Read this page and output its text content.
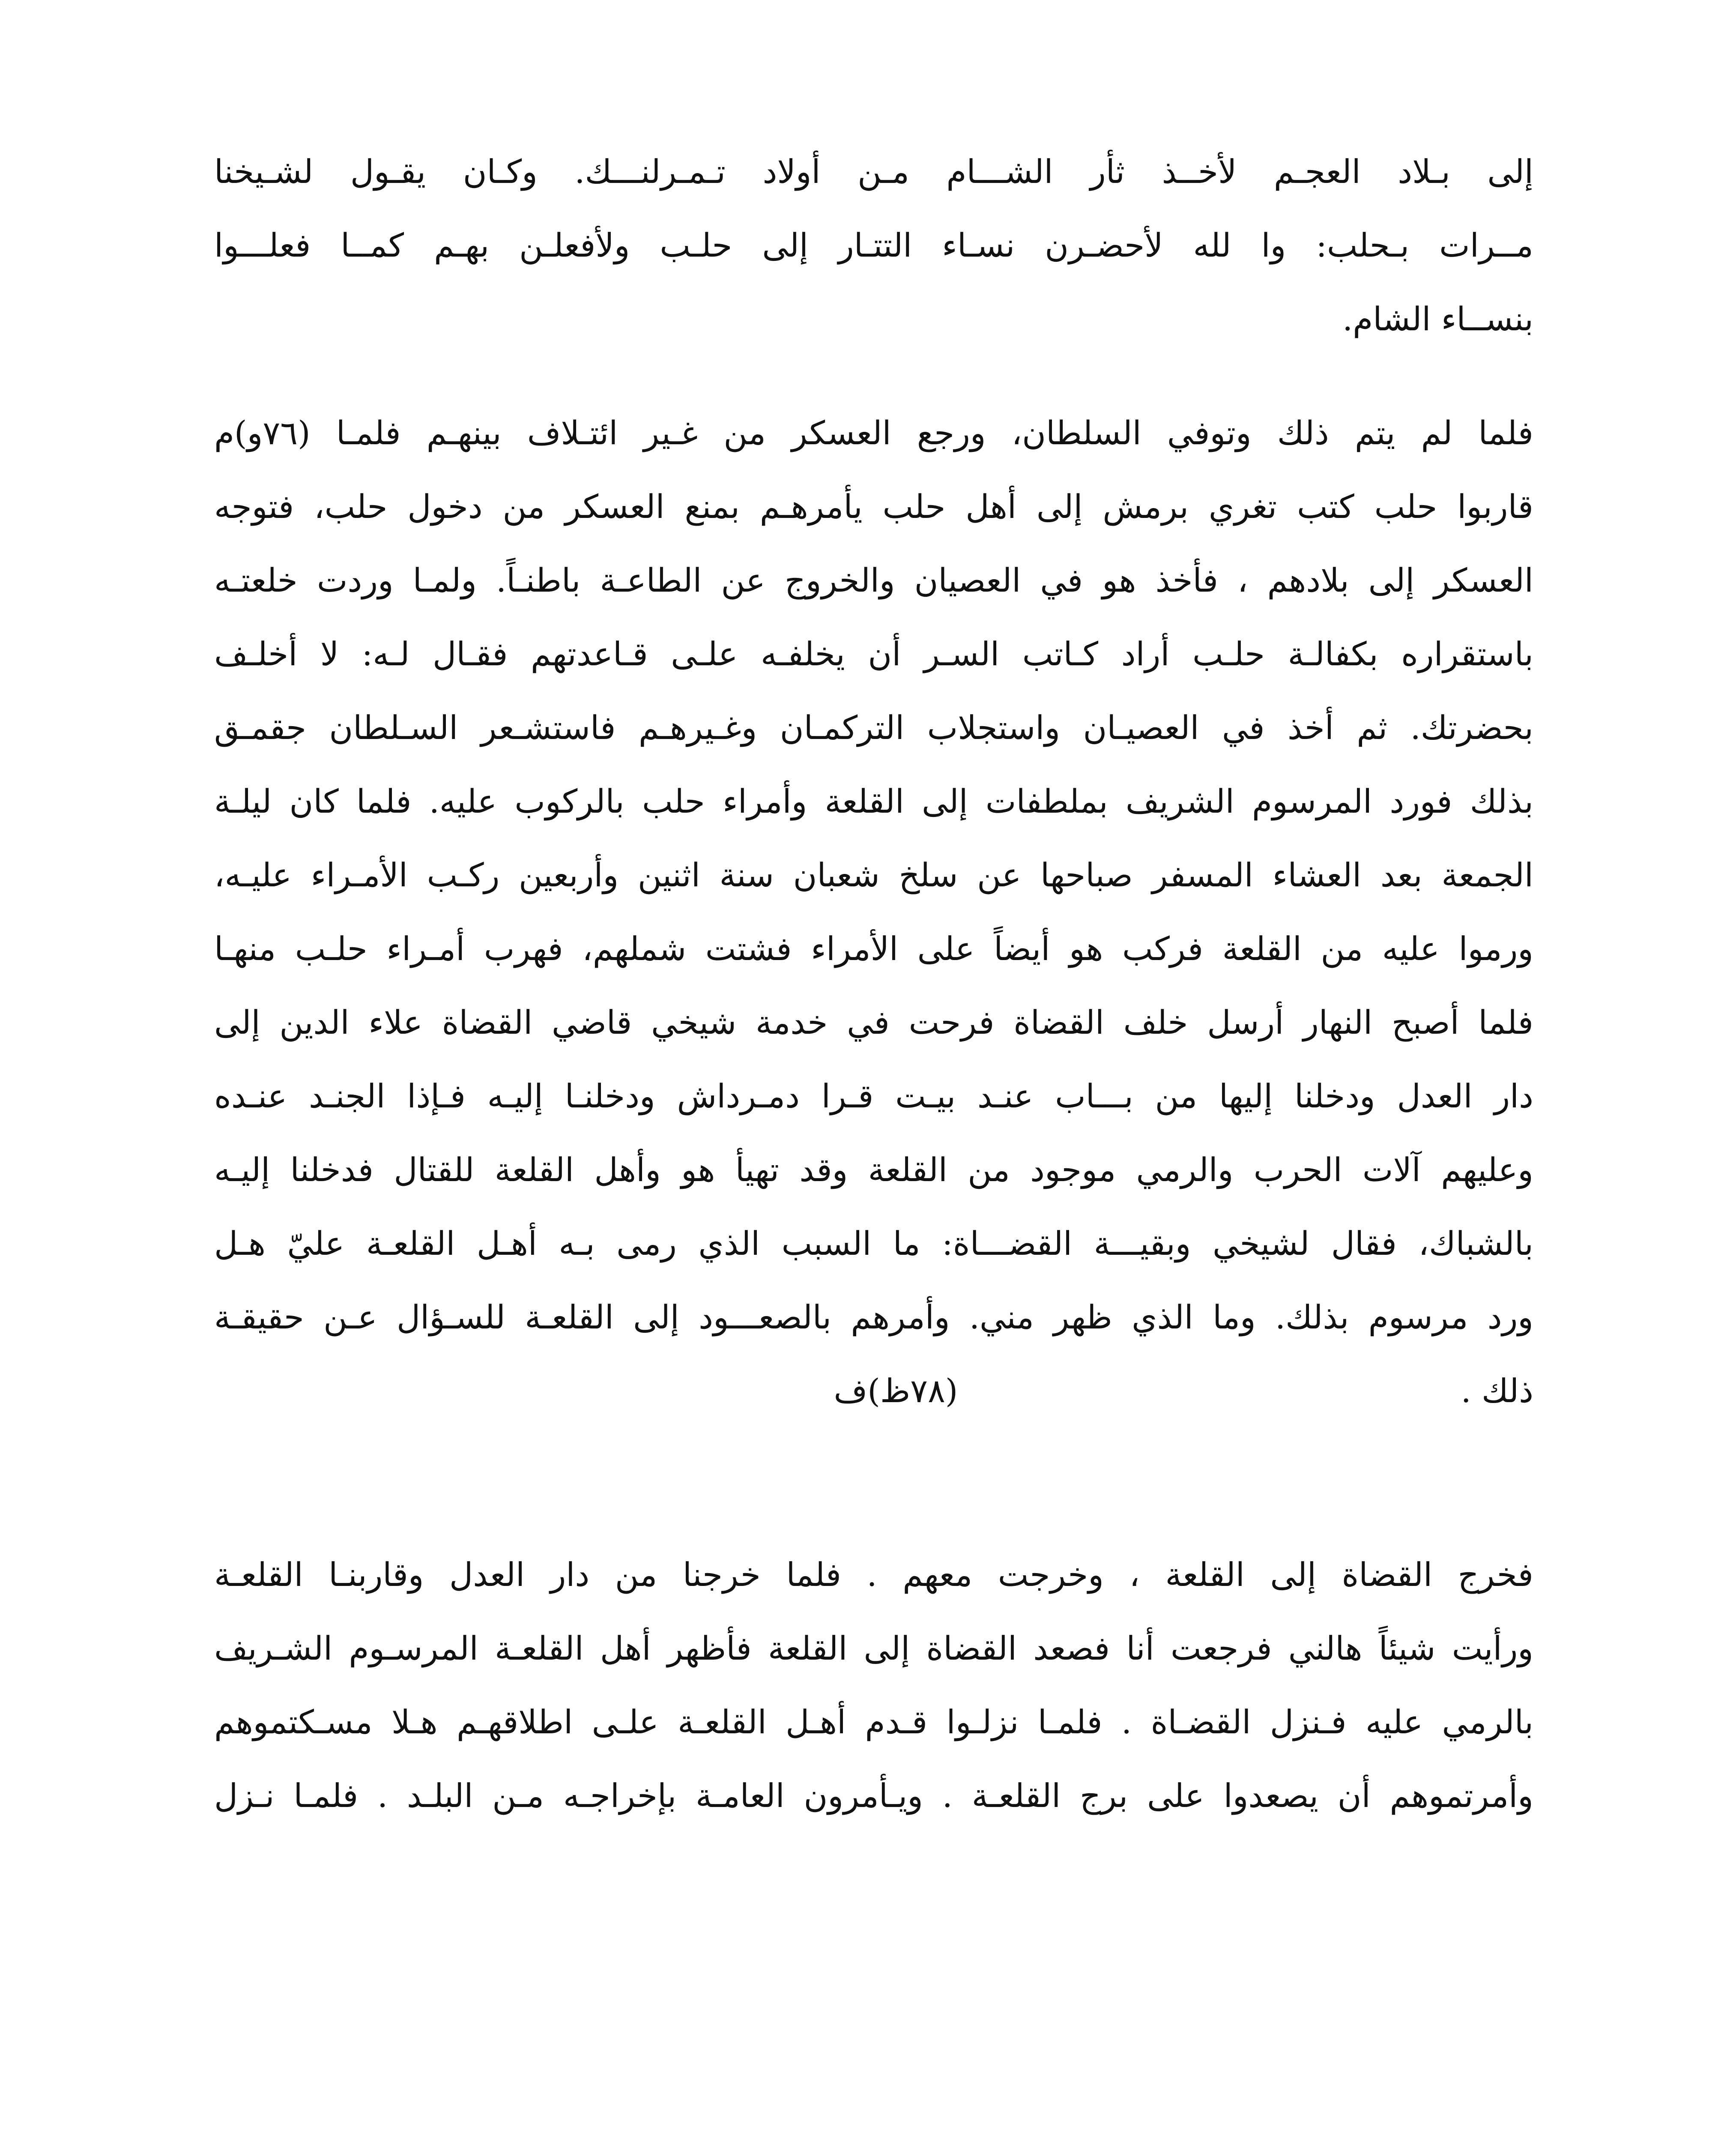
إلى بـلاد العجـم لأخــذ ثأر الشـــام مـن أولاد تـمـرلنـــك. وكـان يقـول لشـيخنا
مــرات بـحلب: وا لله لأحضـرن نسـاء التتـار إلى حلـب ولأفعلـن بهـم كمــا فعلـــوا
بنســاء الشام.
فلما لم يتم ذلك وتوفي السلطان، ورجع العسكر من غـير ائتـلاف بينهـم فلمـا (٧٦و)م
قاربوا حلب كتب تغري برمش إلى أهل حلب يأمرهـم بمنع العسكر من دخول حلب، فتوجه
العسكر إلى بلادهم ، فأخذ هو في العصيان والخروج عن الطاعـة باطنـاً. ولمـا وردت خلعتـه
باستقراره بكفالـة حلـب أراد كـاتب السـر أن يخلفـه علـى قـاعدتهم فقـال لـه: لا أخلـف
بحضرتك. ثم أخذ في العصيـان واستجلاب التركمـان وغـيرهـم فاستشـعر السـلطان جقمـق
بذلك فورد المرسوم الشريف بملطفات إلى القلعة وأمراء حلب بالركوب عليه. فلما كان ليلـة
الجمعة بعد العشاء المسفر صباحها عن سلخ شعبان سنة اثنين وأربعين ركـب الأمـراء عليـه،
ورموا عليه من القلعة فركب هو أيضاً على الأمراء فشتت شملهم، فهرب أمـراء حلـب منهـا
فلما أصبح النهار أرسل خلف القضاة فرحت في خدمة شيخي قاضي القضاة علاء الدين إلى
دار العدل ودخلنا إليها من بـــاب عنـد بيـت قـرا دمـرداش ودخلنـا إليـه فـإذا الجنـد عنـده
وعليهم آلات الحرب والرمي موجود من القلعة وقد تهيأ هو وأهل القلعة للقتال فدخلنا إليـه
بالشباك، فقال لشيخي وبقيـــة القضـــاة: ما السبب الذي رمى بـه أهـل القلعـة عليّ هـل
ورد مرسوم بذلك. وما الذي ظهر مني. وأمرهم بالصعـــود إلى القلعـة للسـؤال عـن حقيقـة
ذلك . (٧٨ظ)ف
فخرج القضاة إلى القلعة ، وخرجت معهم . فلما خرجنا من دار العدل وقاربنـا القلعـة
ورأيت شيئاً هالني فرجعت أنا فصعد القضاة إلى القلعة فأظهر أهل القلعـة المرسـوم الشـريف
بالرمي عليه فـنزل القضـاة . فلمـا نزلـوا قـدم أهـل القلعـة علـى اطلاقهـم هـلا مسـكتموهم
وأمرتموهم أن يصعدوا على برج القلعـة . ويـأمرون العامـة بإخراجـه مـن البلـد . فلمـا نـزل
